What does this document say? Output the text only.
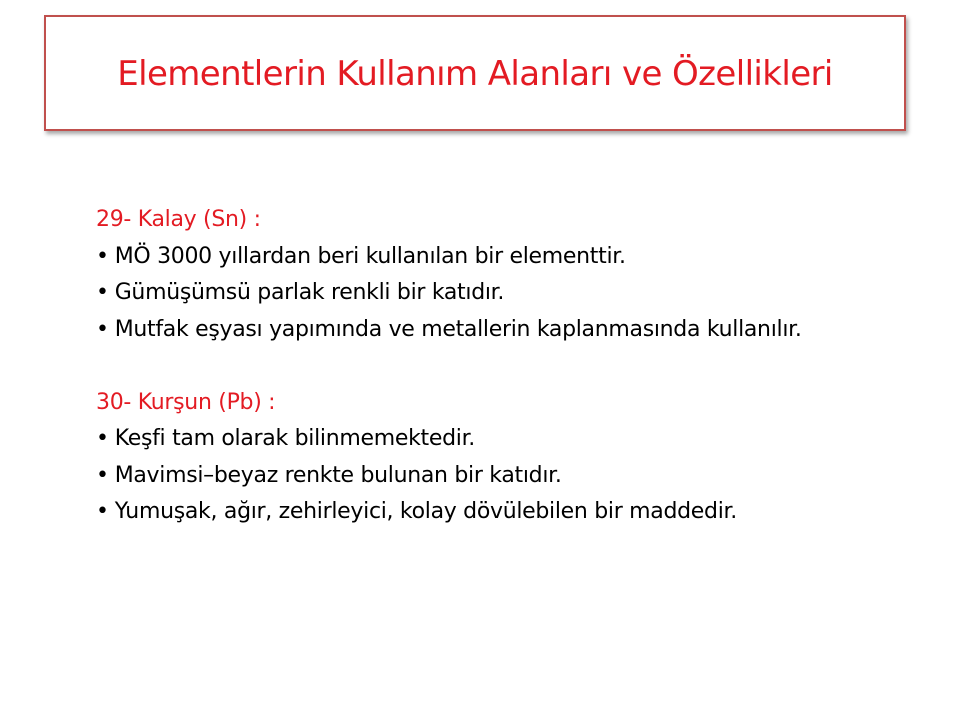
Elementlerin Kullanım Alanları ve Özellikleri
29- Kalay (Sn) :
• MÖ 3000 yıllardan beri kullanılan bir elementtir.
• Gümüşümsü parlak renkli bir katıdır.
• Mutfak eşyası yapımında ve metallerin kaplanmasında kullanılır.
30- Kurşun (Pb) :
• Keşfi tam olarak bilinmemektedir.
• Mavimsi–beyaz renkte bulunan bir katıdır.
• Yumuşak, ağır, zehirleyici, kolay dövülebilen bir maddedir.
